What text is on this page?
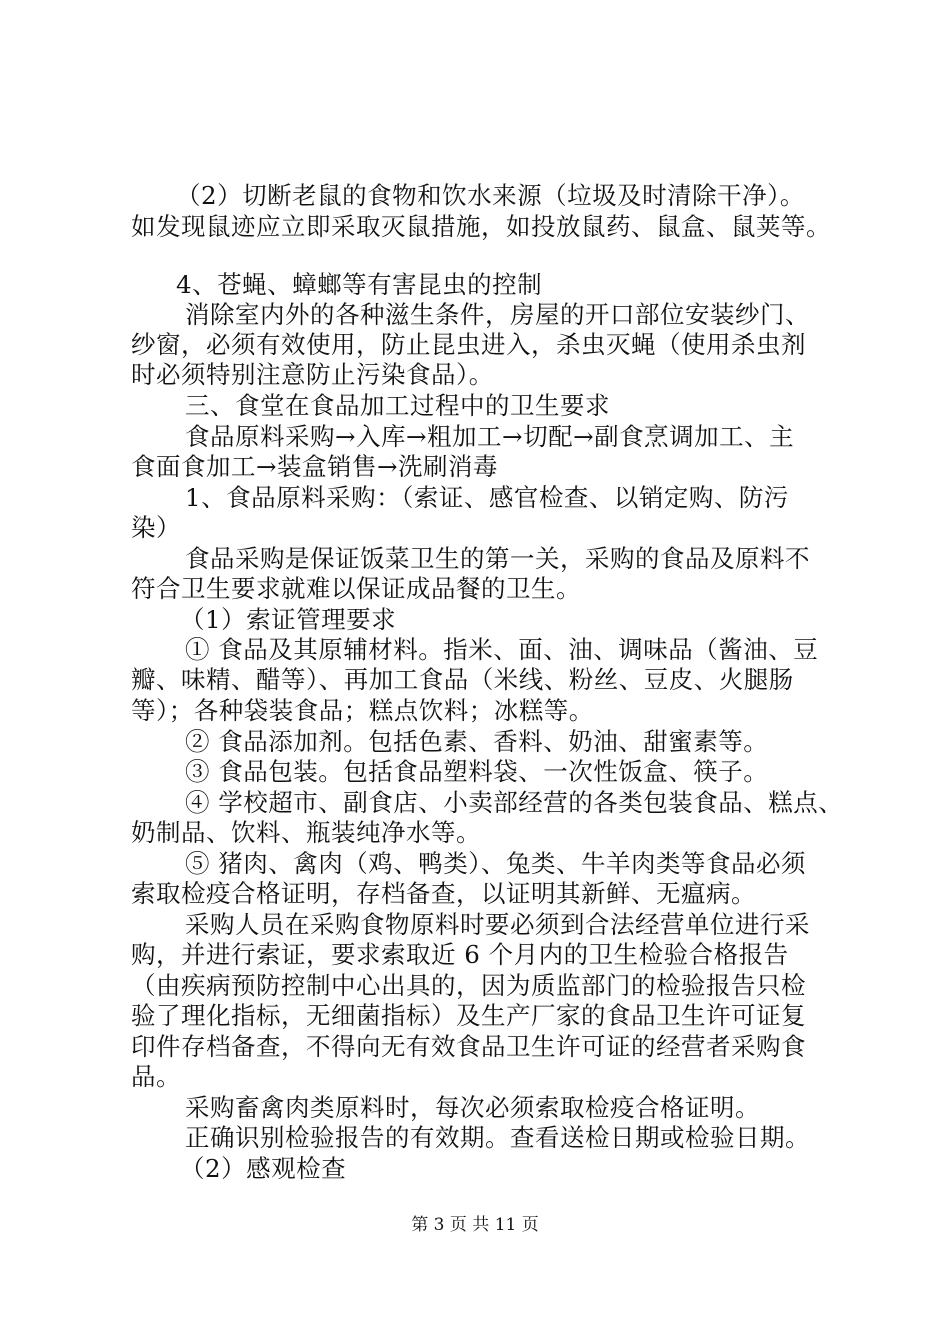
（2）切断老鼠的食物和饮水来源（垃圾及时清除干净）。
如发现鼠迹应立即采取灭鼠措施，如投放鼠药、鼠盒、鼠荚等。
4、苍蝇、蟑螂等有害昆虫的控制
消除室内外的各种滋生条件，房屋的开口部位安装纱门、
纱窗，必须有效使用，防止昆虫进入，杀虫灭蝇（使用杀虫剂
时必须特别注意防止污染食品）。
三、食堂在食品加工过程中的卫生要求
食品原料采购→入库→粗加工→切配→副食烹调加工、主
食面食加工→装盒销售→洗刷消毒
1、食品原料采购：（索证、感官检查、以销定购、防污
染）
食品采购是保证饭菜卫生的第一关，采购的食品及原料不
符合卫生要求就难以保证成品餐的卫生。
（1）索证管理要求
① 食品及其原辅材料。指米、面、油、调味品（酱油、豆
瓣、味精、醋等）、再加工食品（米线、粉丝、豆皮、火腿肠
等）；各种袋装食品；糕点饮料；冰糕等。
② 食品添加剂。包括色素、香料、奶油、甜蜜素等。
③ 食品包装。包括食品塑料袋、一次性饭盒、筷子。
④ 学校超市、副食店、小卖部经营的各类包装食品、糕点、
奶制品、饮料、瓶装纯净水等。
⑤ 猪肉、禽肉（鸡、鸭类）、兔类、牛羊肉类等食品必须
索取检疫合格证明，存档备查，以证明其新鲜、无瘟病。
采购人员在采购食物原料时要必须到合法经营单位进行采
购，并进行索证，要求索取近 6 个月内的卫生检验合格报告
（由疾病预防控制中心出具的，因为质监部门的检验报告只检
验了理化指标，无细菌指标）及生产厂家的食品卫生许可证复
印件存档备查，不得向无有效食品卫生许可证的经营者采购食
品。
采购畜禽肉类原料时，每次必须索取检疫合格证明。
正确识别检验报告的有效期。查看送检日期或检验日期。
（2）感观检查
第 3 页 共 11 页
